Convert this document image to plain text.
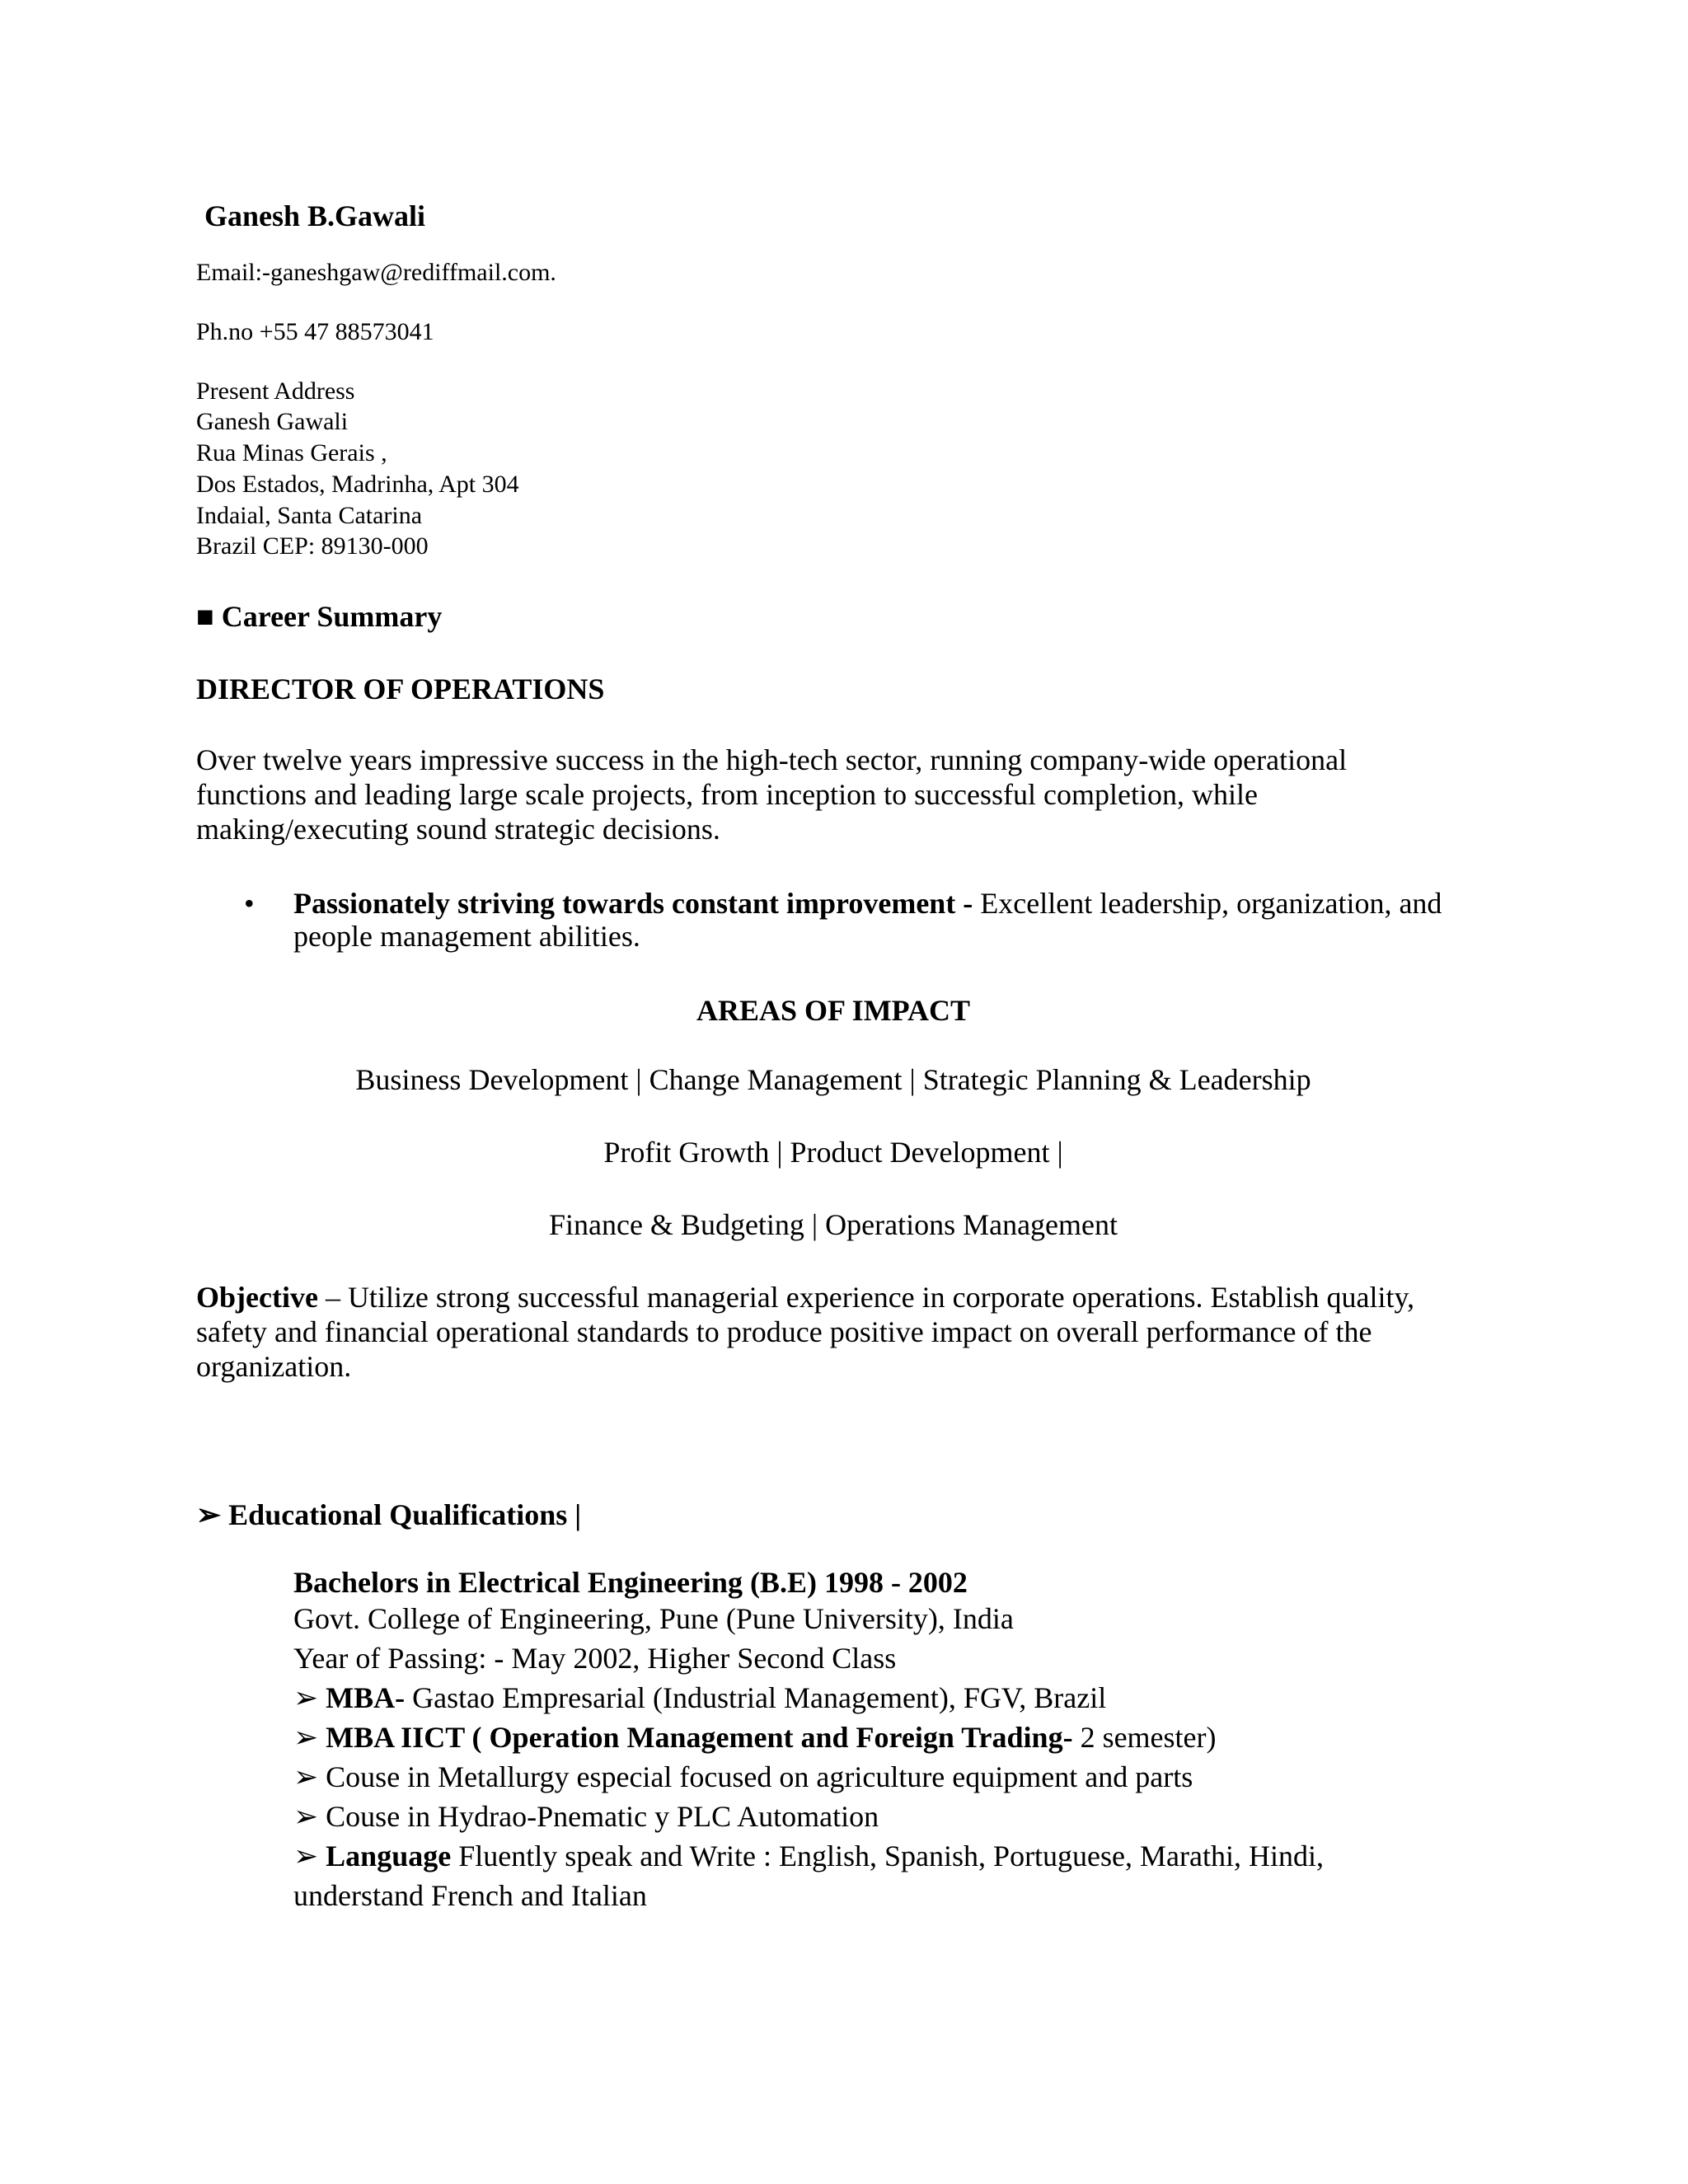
Ganesh B.Gawali
Email:-ganeshgaw@rediffmail.com.
Ph.no +55 47 88573041
Present Address
Ganesh Gawali
Rua Minas Gerais ,
Dos Estados, Madrinha, Apt 304
Indaial, Santa Catarina
Brazil CEP: 89130-000
■ Career Summary
DIRECTOR OF OPERATIONS
Over twelve years impressive success in the high-tech sector, running company-wide operational
functions and leading large scale projects, from inception to successful completion, while
making/executing sound strategic decisions.
• Passionately striving towards constant improvement - Excellent leadership, organization, and
people management abilities.
AREAS OF IMPACT
Business Development | Change Management | Strategic Planning & Leadership
Profit Growth | Product Development |
Finance & Budgeting | Operations Management
Objective – Utilize strong successful managerial experience in corporate operations. Establish quality,
safety and financial operational standards to produce positive impact on overall performance of the
organization.
➢ Educational Qualifications |
Bachelors in Electrical Engineering (B.E) 1998 - 2002
Govt. College of Engineering, Pune (Pune University), India
Year of Passing: - May 2002, Higher Second Class
➢ MBA- Gastao Empresarial (Industrial Management), FGV, Brazil
➢ MBA IICT ( Operation Management and Foreign Trading- 2 semester)
➢ Couse in Metallurgy especial focused on agriculture equipment and parts
➢ Couse in Hydrao-Pnematic y PLC Automation
➢ Language Fluently speak and Write : English, Spanish, Portuguese, Marathi, Hindi,
understand French and Italian
